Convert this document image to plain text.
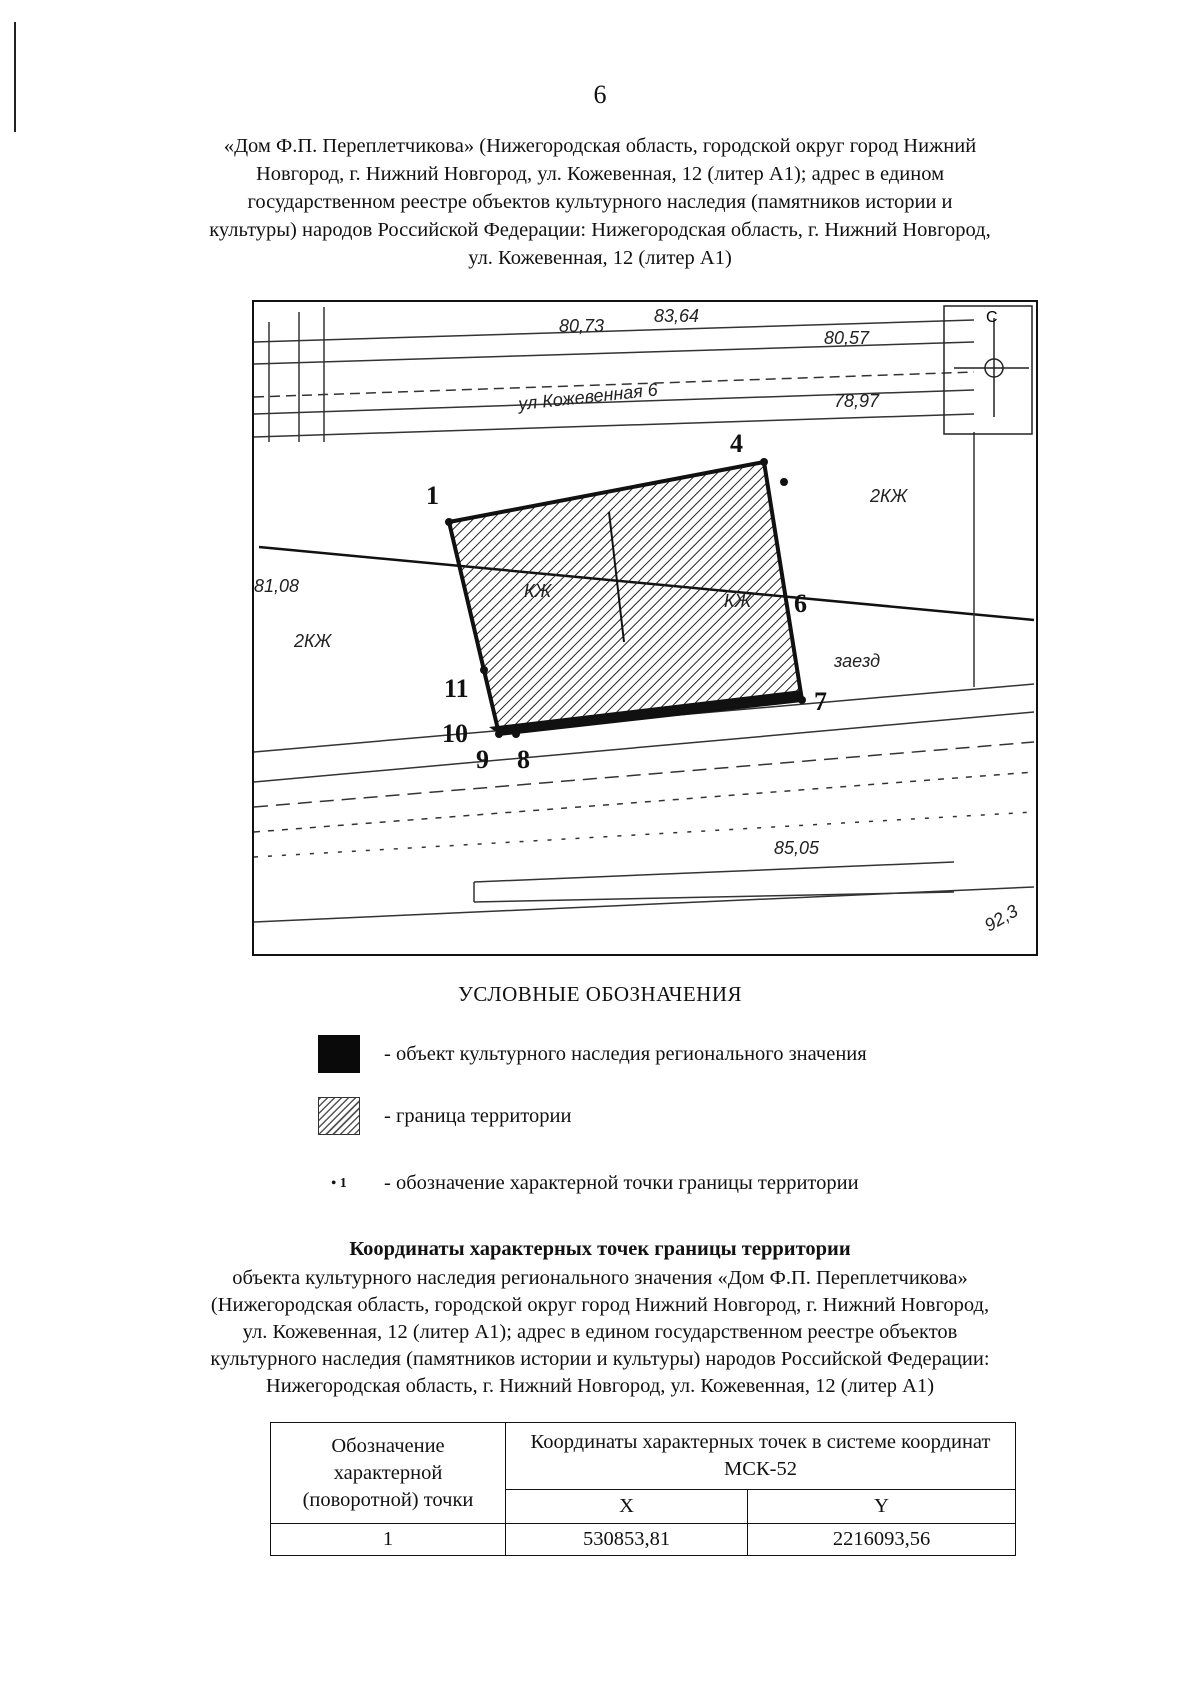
6
«Дом Ф.П. Переплетчикова» (Нижегородская область, городской округ город Нижний
Новгород, г. Нижний Новгород, ул. Кожевенная, 12 (литер А1); адрес в едином
государственном реестре объектов культурного наследия (памятников истории и
культуры) народов Российской Федерации: Нижегородская область, г. Нижний Новгород,
ул. Кожевенная, 12 (литер А1)
С
1
4
6
7
8
9
10
11
ул Кожевенная 6
80,73
80,57
83,64
85,05
92,3
81,08
78,97
2КЖ
2КЖ
КЖ	КЖ
заезд
УСЛОВНЫЕ ОБОЗНАЧЕНИЯ
- объект культурного наследия регионального значения
- граница территории
• 1	- обозначение характерной точки границы территории
Координаты характерных точек границы территории
объекта культурного наследия регионального значения «Дом Ф.П. Переплетчикова»
(Нижегородская область, городской округ город Нижний Новгород, г. Нижний Новгород,
ул. Кожевенная, 12 (литер А1); адрес в едином государственном реестре объектов
культурного наследия (памятников истории и культуры) народов Российской Федерации:
Нижегородская область, г. Нижний Новгород, ул. Кожевенная, 12 (литер А1)
Обозначение характерной (поворотной) точки	Координаты характерных точек в системе координат МСК-52	
	X	Y
1	530853,81	2216093,56
